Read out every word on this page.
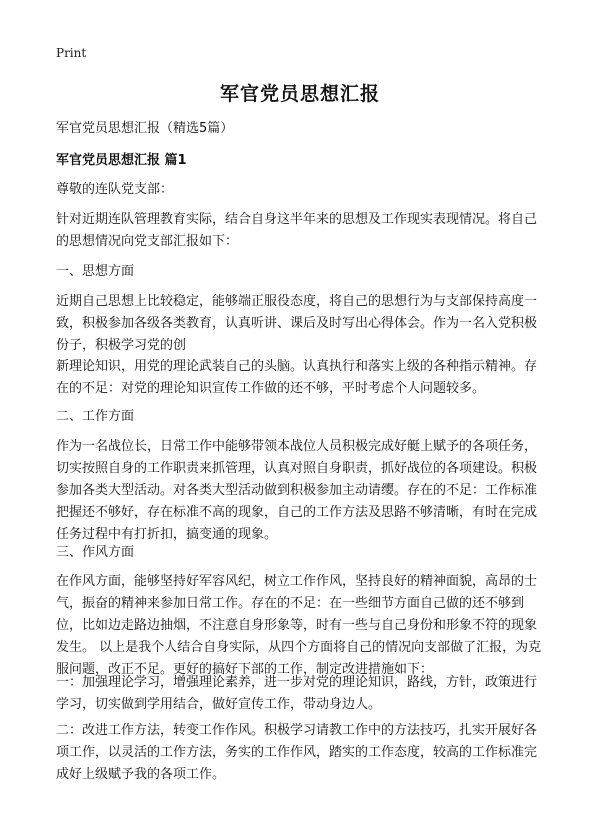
Print
军官党员思想汇报
军官党员思想汇报（精选5篇）
军官党员思想汇报 篇1
尊敬的连队党支部：
针对近期连队管理教育实际，结合自身这半年来的思想及工作现实表现情况。将自己的思想情况向党支部汇报如下：
一、思想方面
近期自己思想上比较稳定，能够端正服役态度，将自己的思想行为与支部保持高度一致，积极参加各级各类教育，认真听讲、课后及时写出心得体会。作为一名入党积极份子，积极学习党的创
新理论知识，用党的理论武装自己的头脑。认真执行和落实上级的各种指示精神。存在的不足：对党的理论知识宣传工作做的还不够，平时考虑个人问题较多。
二、工作方面
作为一名战位长，日常工作中能够带领本战位人员积极完成好艇上赋予的各项任务，切实按照自身的工作职责来抓管理，认真对照自身职责，抓好战位的各项建设。积极参加各类大型活动。对各类大型活动做到积极参加主动请缨。存在的不足：工作标准把握还不够好，存在标准不高的现象，自己的工作方法及思路不够清晰，有时在完成任务过程中有打折扣，搞变通的现象。
三、作风方面
在作风方面，能够坚持好军容风纪，树立工作作风，坚持良好的精神面貌，高昂的士气，振奋的精神来参加日常工作。存在的不足：在一些细节方面自己做的还不够到位，比如边走路边抽烟，不注意自身形象等，时有一些与自己身份和形象不符的现象发生。 以上是我个人结合自身实际，从四个方面将自己的情况向支部做了汇报，为克服问题，改正不足。更好的搞好下部的工作，制定改进措施如下：
一：加强理论学习，增强理论素养，进一步对党的理论知识，路线，方针，政策进行学习，切实做到学用结合，做好宣传工作，带动身边人。
二：改进工作方法，转变工作作风。积极学习请教工作中的方法技巧，扎实开展好各项工作，以灵活的工作方法，务实的工作作风，踏实的工作态度，较高的工作标准完成好上级赋予我的各项工作。
